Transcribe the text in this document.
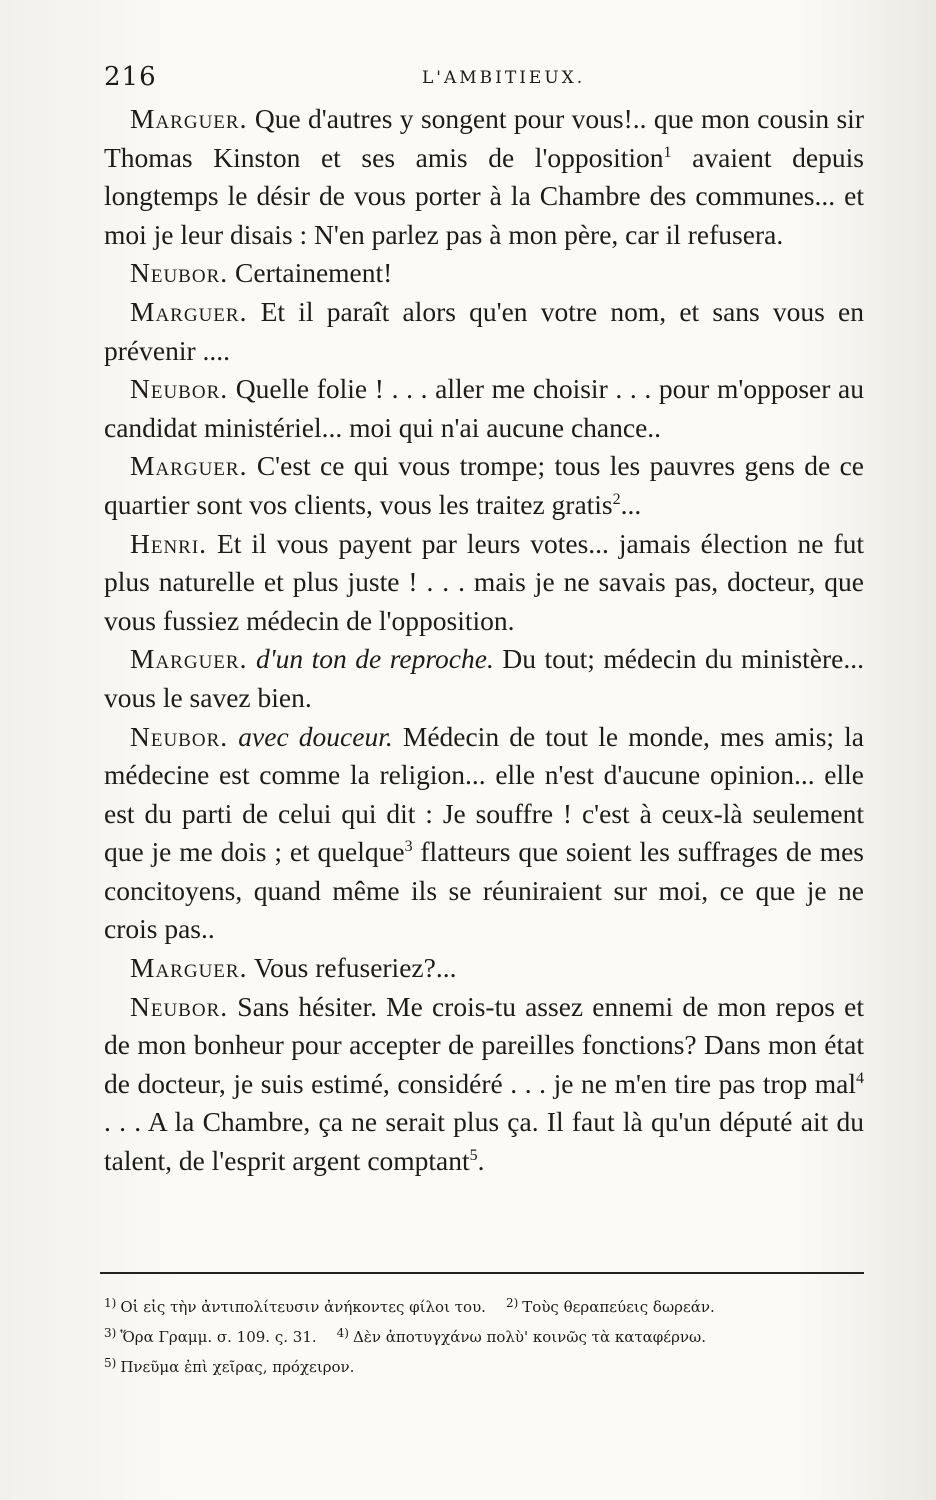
216	L'AMBITIEUX.

Marguer. Que d'autres y songent pour vous!.. que mon cousin sir Thomas Kinston et ses amis de l'opposition$^1$ avaient depuis longtemps le désir de vous porter à la Chambre des communes... et moi je leur disais : N'en parlez pas à mon père, car il refusera.

Neubor. Certainement!

Marguer. Et il paraît alors qu'en votre nom, et sans vous en prévenir ....

Neubor. Quelle folie ! . . . aller me choisir . . . pour m'opposer au candidat ministériel... moi qui n'ai aucune chance..

Marguer. C'est ce qui vous trompe; tous les pauvres gens de ce quartier sont vos clients, vous les traitez gratis$^2$...

Henri. Et il vous payent par leurs votes... jamais élection ne fut plus naturelle et plus juste ! . . . mais je ne savais pas, docteur, que vous fussiez médecin de l'opposition.

Marguer. d'un ton de reproche. Du tout; médecin du ministère... vous le savez bien.

Neubor. avec douceur. Médecin de tout le monde, mes amis; la médecine est comme la religion... elle n'est d'aucune opinion... elle est du parti de celui qui dit : Je souffre ! c'est à ceux-là seulement que je me dois ; et quelque$^3$ flatteurs que soient les suffrages de mes concitoyens, quand même ils se réuniraient sur moi, ce que je ne crois pas..

Marguer. Vous refuseriez?...

Neubor. Sans hésiter. Me crois-tu assez ennemi de mon repos et de mon bonheur pour accepter de pareilles fonctions? Dans mon état de docteur, je suis estimé, considéré . . . je ne m'en tire pas trop mal$^4$ . . . A la Chambre, ça ne serait plus ça. Il faut là qu'un député ait du talent, de l'esprit argent comptant$^5$.

$^{1)}$ Οἱ εἰς τὴν ἀντιπολίτευσιν ἀνήκοντες φίλοι του. $^{2)}$ Τοὺς θεραπεύεις δωρεάν.
$^{3)}$ Ὅρα Γραμμ. σ. 109. ς. 31. $^{4)}$ Δὲν ἀποτυγχάνω πολὺ' κοινῶς τὰ καταφέρνω.
$^{5)}$ Πνεῦμα ἐπὶ χεῖρας, πρόχειρον.
